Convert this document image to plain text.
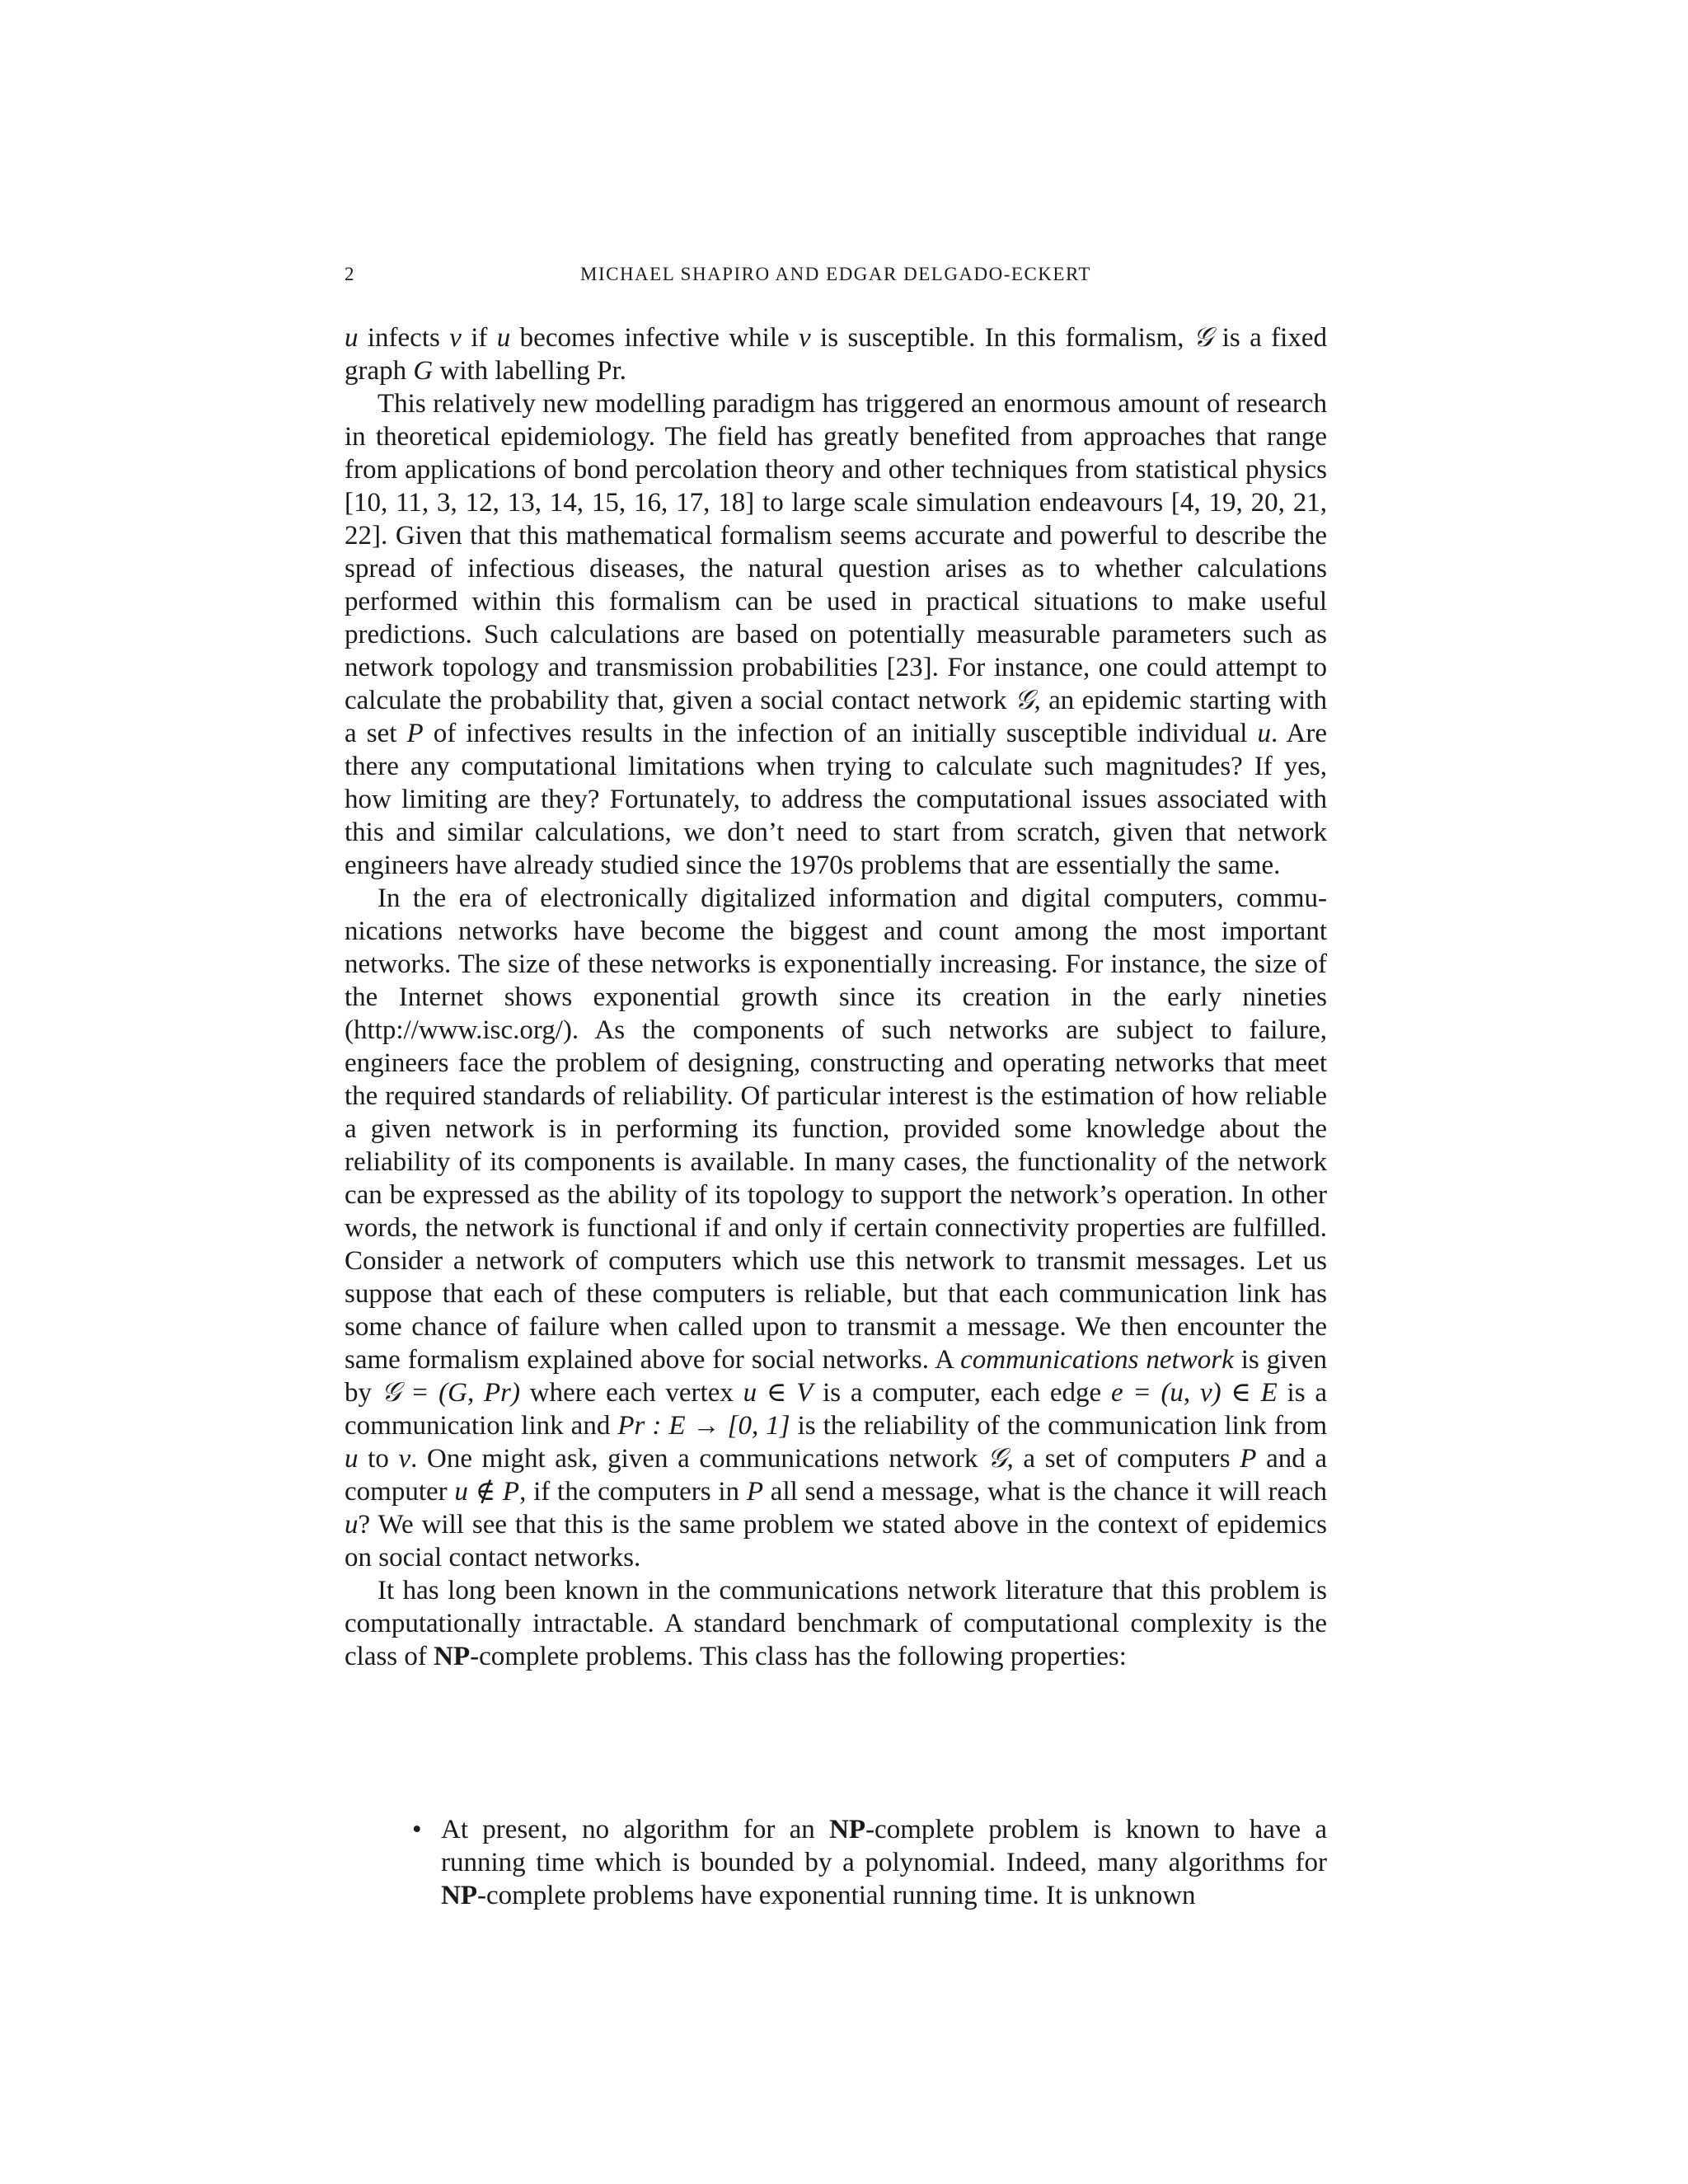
2	MICHAEL SHAPIRO AND EDGAR DELGADO-ECKERT

u infects v if u becomes infective while v is susceptible. In this formalism, 𝒢 is a fixed graph G with labelling Pr.

This relatively new modelling paradigm has triggered an enormous amount of research in theoretical epidemiology. The field has greatly benefited from approaches that range from applications of bond percolation theory and other techniques from statistical physics [10, 11, 3, 12, 13, 14, 15, 16, 17, 18] to large scale simulation endeavours [4, 19, 20, 21, 22]. Given that this mathematical formalism seems accurate and powerful to describe the spread of infectious diseases, the natural question arises as to whether calculations performed within this formalism can be used in practical situations to make useful predictions. Such calculations are based on potentially measurable parameters such as network topology and transmission probabilities [23]. For instance, one could attempt to calculate the probability that, given a social contact network 𝒢, an epidemic starting with a set P of infectives results in the infection of an initially susceptible individual u. Are there any computational limitations when trying to calculate such magnitudes? If yes, how limiting are they? Fortunately, to address the computational issues associated with this and similar calculations, we don’t need to start from scratch, given that network engineers have already studied since the 1970s problems that are essentially the same.

In the era of electronically digitalized information and digital computers, communications networks have become the biggest and count among the most important networks. The size of these networks is exponentially increasing. For instance, the size of the Internet shows exponential growth since its creation in the early nineties (http://www.isc.org/). As the components of such networks are subject to failure, engineers face the problem of designing, constructing and operating networks that meet the required standards of reliability. Of particular interest is the estimation of how reliable a given network is in performing its function, provided some knowledge about the reliability of its components is available. In many cases, the functionality of the network can be expressed as the ability of its topology to support the network’s operation. In other words, the network is functional if and only if certain connectivity properties are fulfilled. Consider a network of computers which use this network to transmit messages. Let us suppose that each of these computers is reliable, but that each communication link has some chance of failure when called upon to transmit a message. We then encounter the same formalism explained above for social networks. A communications network is given by 𝒢 = (G, Pr) where each vertex u ∈ V is a computer, each edge e = (u, v) ∈ E is a communication link and Pr : E → [0, 1] is the reliability of the communication link from u to v. One might ask, given a communications network 𝒢, a set of computers P and a computer u ∉ P, if the computers in P all send a message, what is the chance it will reach u? We will see that this is the same problem we stated above in the context of epidemics on social contact networks.

It has long been known in the communications network literature that this problem is computationally intractable. A standard benchmark of computational complexity is the class of NP-complete problems. This class has the following properties:

• At present, no algorithm for an NP-complete problem is known to have a running time which is bounded by a polynomial. Indeed, many algorithms for NP-complete problems have exponential running time. It is unknown
